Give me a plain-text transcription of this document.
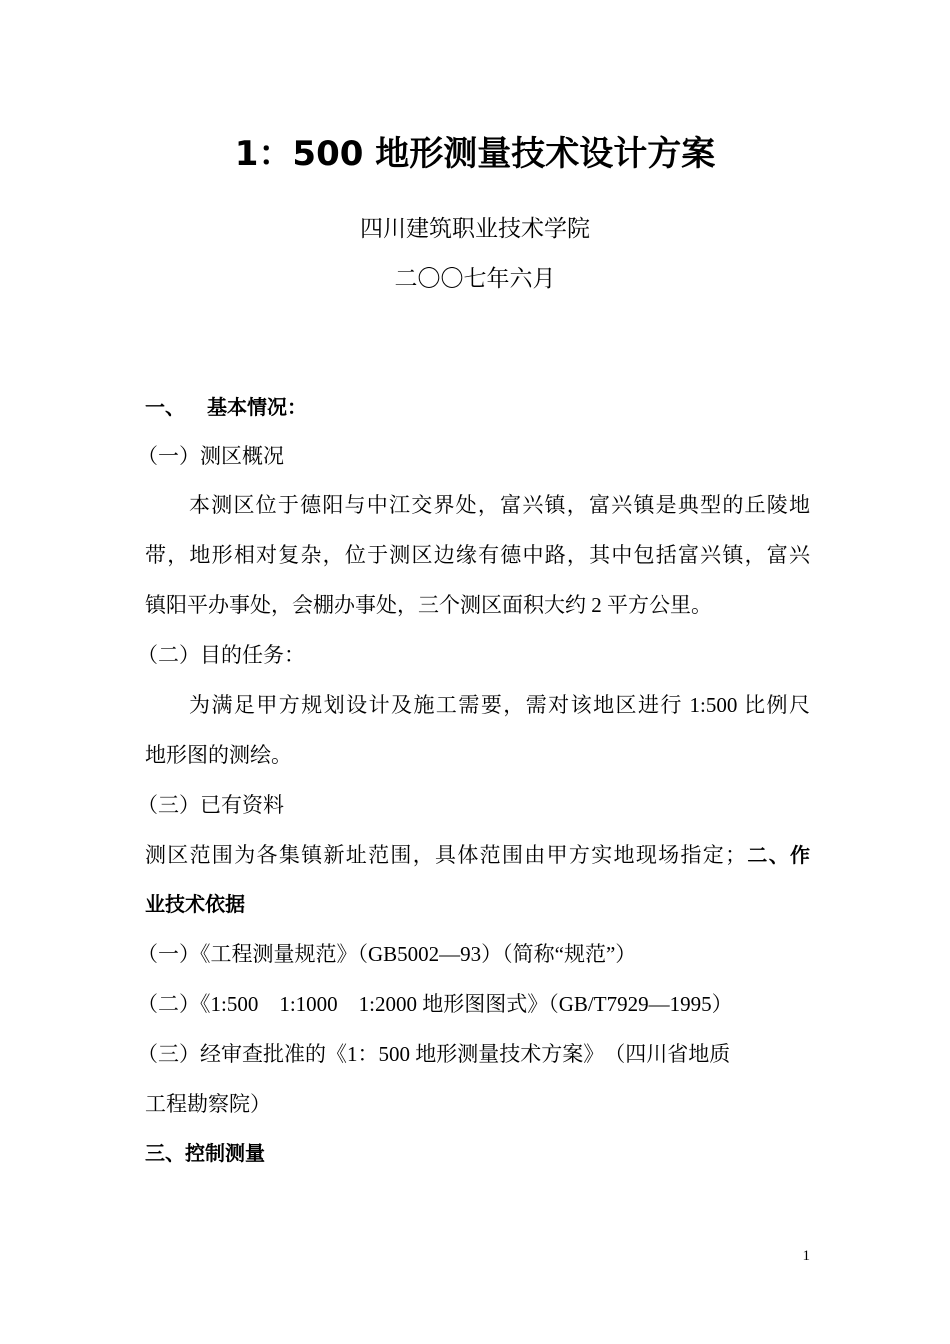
1：500 地形测量技术设计方案
四川建筑职业技术学院
二〇〇七年六月
一、 基本情况：
（一）测区概况
本测区位于德阳与中江交界处，富兴镇，富兴镇是典型的丘陵地
带，地形相对复杂，位于测区边缘有德中路，其中包括富兴镇，富兴
镇阳平办事处，会棚办事处，三个测区面积大约 2 平方公里。
（二）目的任务：
为满足甲方规划设计及施工需要，需对该地区进行 1:500 比例尺
地形图的测绘。
（三）已有资料
测区范围为各集镇新址范围，具体范围由甲方实地现场指定；二、作
业技术依据
（一）《工程测量规范》（GB5002—93）（简称“规范”）
（二）《1:500　1:1000　1:2000 地形图图式》（GB/T7929—1995）
（三）经审查批准的《1：500 地形测量技术方案》　（四川省地质
工程勘察院）
三、控制测量
1
